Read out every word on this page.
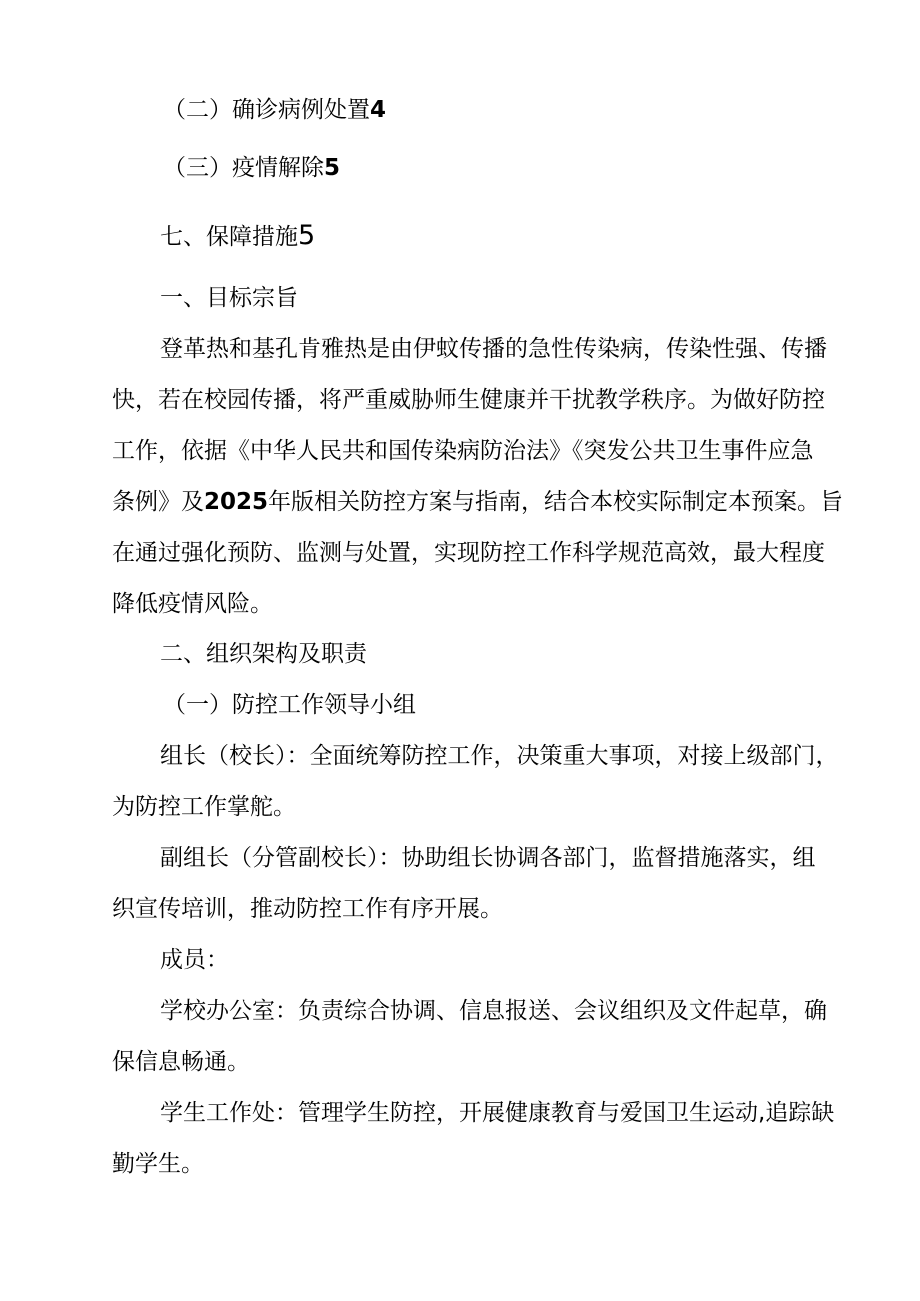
（二）确诊病例处置4
（三）疫情解除5
七、保障措施5
一、目标宗旨
登革热和基孔肯雅热是由伊蚊传播的急性传染病，传染性强、传播
快，若在校园传播，将严重威胁师生健康并干扰教学秩序。为做好防控
工作，依据《中华人民共和国传染病防治法》《突发公共卫生事件应急
条例》及2025年版相关防控方案与指南，结合本校实际制定本预案。旨
在通过强化预防、监测与处置，实现防控工作科学规范高效，最大程度
降低疫情风险。
二、组织架构及职责
（一）防控工作领导小组
组长（校长）：全面统筹防控工作，决策重大事项，对接上级部门，
为防控工作掌舵。
副组长（分管副校长）：协助组长协调各部门，监督措施落实，组
织宣传培训，推动防控工作有序开展。
成员：
学校办公室：负责综合协调、信息报送、会议组织及文件起草，确
保信息畅通。
学生工作处：管理学生防控，开展健康教育与爱国卫生运动,追踪缺
勤学生。
